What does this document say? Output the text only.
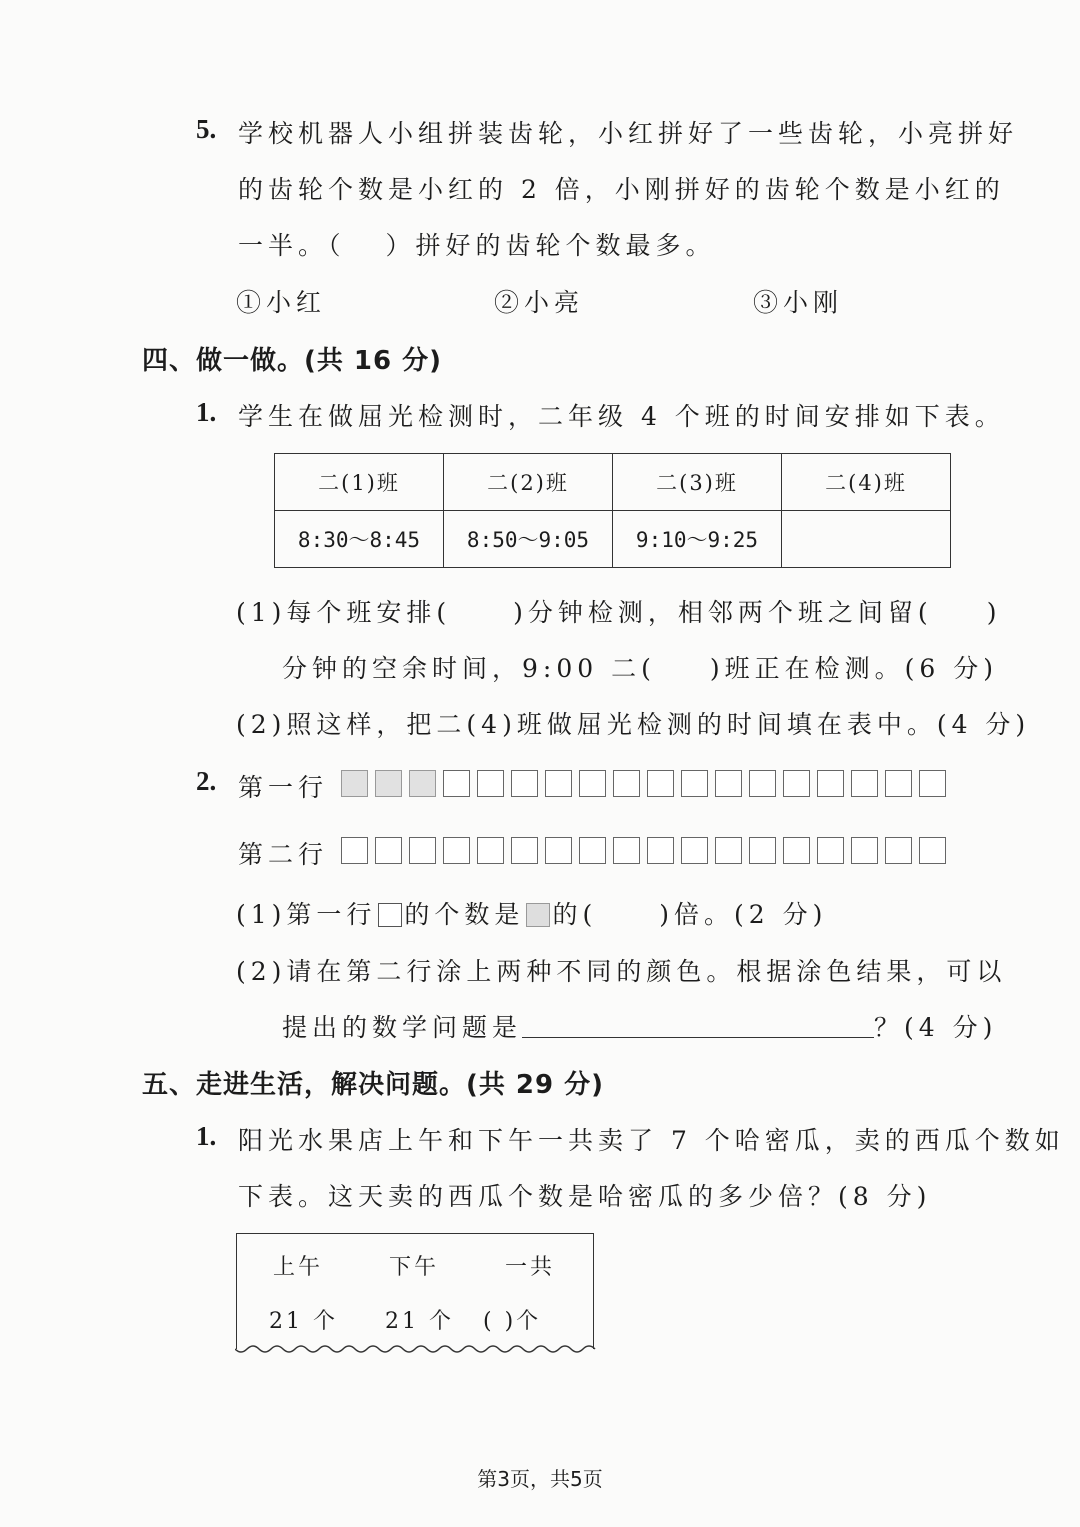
5. 学校机器人小组拼装齿轮，小红拼好了一些齿轮，小亮拼好
的齿轮个数是小红的 2 倍，小刚拼好的齿轮个数是小红的
一半。（ ）拼好的齿轮个数最多。
①小红	②小亮	③小刚
四、做一做。(共 16 分)
1. 学生在做屈光检测时，二年级 4 个班的时间安排如下表。
二(1)班	二(2)班	二(3)班	二(4)班
8:30～8:45	8:50～9:05	9:10～9:25	
(1)每个班安排( )分钟检测，相邻两个班之间留( )
分钟的空余时间，9:00 二( )班正在检测。(6 分)
(2)照这样，把二(4)班做屈光检测的时间填在表中。(4 分)
2. 第一行
第二行
(1)第一行 的个数是 的( )倍。(2 分)
(2)请在第二行涂上两种不同的颜色。根据涂色结果，可以
提出的数学问题是	？(4 分)
五、走进生活，解决问题。(共 29 分)
1. 阳光水果店上午和下午一共卖了 7 个哈密瓜，卖的西瓜个数如
下表。这天卖的西瓜个数是哈密瓜的多少倍？(8 分)
上午	下午	一共
21 个 21 个 ( )个
第3页，共5页
